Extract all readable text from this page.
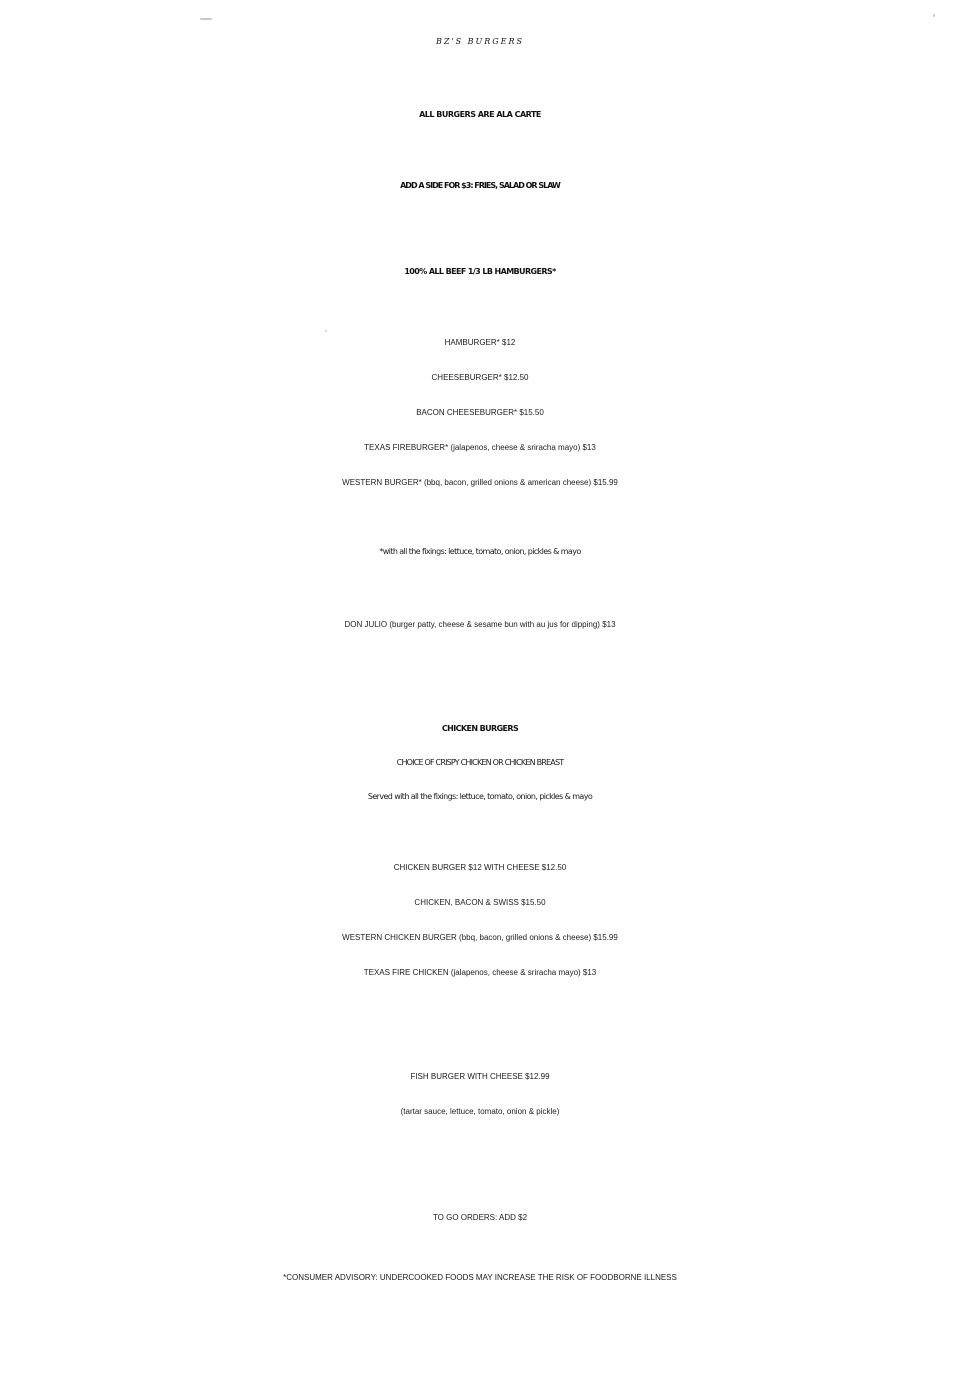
BZ'S BURGERS
ALL BURGERS ARE ALA CARTE
ADD A SIDE FOR $3: FRIES, SALAD OR SLAW
100% ALL BEEF 1/3 LB HAMBURGERS*
HAMBURGER* $12
CHEESEBURGER* $12.50
BACON CHEESEBURGER* $15.50
TEXAS FIREBURGER* (jalapenos, cheese & sriracha mayo) $13
WESTERN BURGER* (bbq, bacon, grilled onions & american cheese) $15.99
*with all the fixings: lettuce, tomato, onion, pickles & mayo
DON JULIO (burger patty, cheese & sesame bun with au jus for dipping) $13
CHICKEN BURGERS
CHOICE OF CRISPY CHICKEN OR CHICKEN BREAST
Served with all the fixings: lettuce, tomato, onion, pickles & mayo
CHICKEN BURGER $12 WITH CHEESE $12.50
CHICKEN, BACON & SWISS $15.50
WESTERN CHICKEN BURGER (bbq, bacon, grilled onions & cheese) $15.99
TEXAS FIRE CHICKEN (jalapenos, cheese & sriracha mayo) $13
FISH BURGER WITH CHEESE $12.99
(tartar sauce, lettuce, tomato, onion & pickle)
TO GO ORDERS: ADD $2
*CONSUMER ADVISORY: UNDERCOOKED FOODS MAY INCREASE THE RISK OF FOODBORNE ILLNESS
